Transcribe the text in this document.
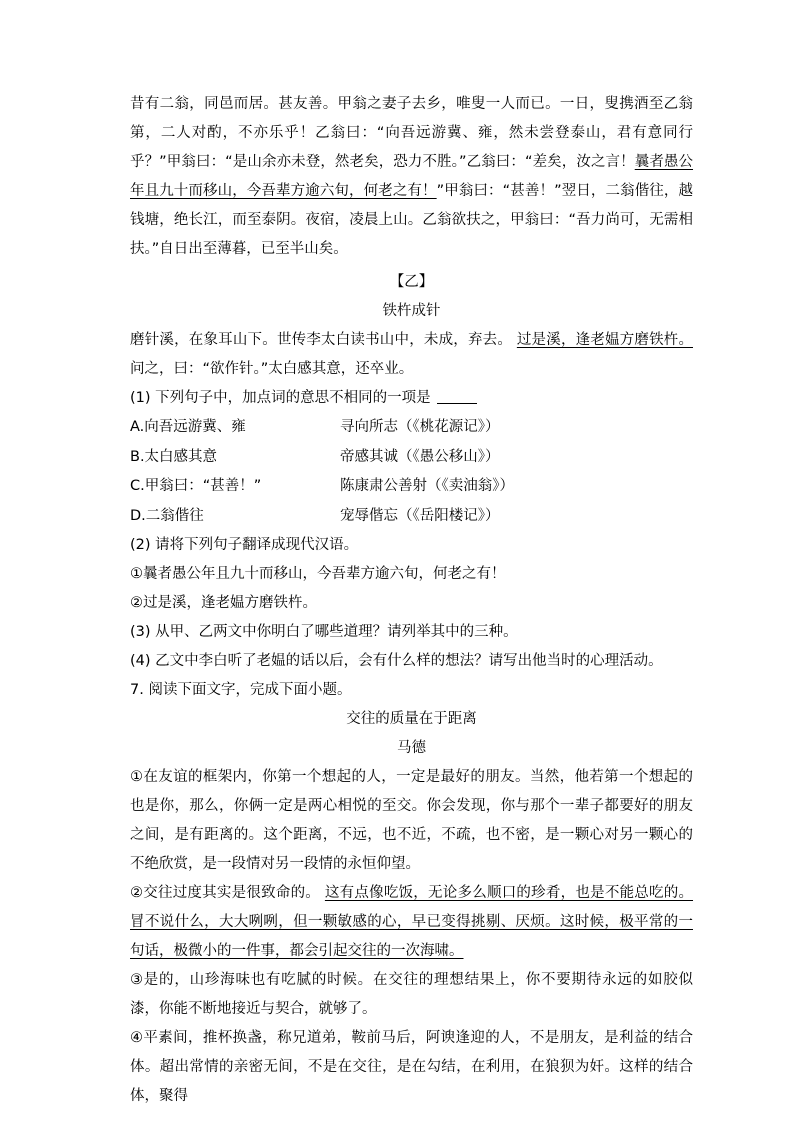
昔有二翁，同邑而居。甚友善。甲翁之妻子去乡，唯叟一人而已。一日，叟携酒至乙翁第，二人对酌，不亦乐乎！乙翁曰：“向吾远游冀、雍，然未尝登泰山，君有意同行乎？”甲翁曰：“是山余亦未登，然老矣，恐力不胜。”乙翁曰：“差矣，汝之言！曩者愚公年且九十而移山，今吾辈方逾六旬，何老之有！”甲翁曰：“甚善！”翌日，二翁偕往，越钱塘，绝长江，而至泰阴。夜宿，凌晨上山。乙翁欲扶之，甲翁曰：“吾力尚可，无需相扶。”自日出至薄暮，已至半山矣。

【乙】

铁杵成针

磨针溪，在象耳山下。世传李太白读书山中，未成，弃去。 过是溪，逢老媪方磨铁杵。问之，曰：“欲作针。”太白感其意，还卒业。

(1) 下列句子中，加点词的意思不相同的一项是

A.向吾远游冀、雍	寻向所志（《桃花源记》）
B.太白感其意	帝感其诚（《愚公移山》）
C.甲翁曰：“甚善！”	陈康肃公善射（《卖油翁》）
D.二翁偕往	宠辱偕忘（《岳阳楼记》）

(2) 请将下列句子翻译成现代汉语。

①曩者愚公年且九十而移山，今吾辈方逾六旬，何老之有！

②过是溪，逢老媪方磨铁杵。

(3) 从甲、乙两文中你明白了哪些道理？请列举其中的三种。

(4) 乙文中李白听了老媪的话以后，会有什么样的想法？请写出他当时的心理活动。

7. 阅读下面文字，完成下面小题。

交往的质量在于距离

马德

①在友谊的框架内，你第一个想起的人，一定是最好的朋友。当然，他若第一个想起的也是你，那么，你俩一定是两心相悦的至交。你会发现，你与那个一辈子都要好的朋友之间，是有距离的。这个距离，不远，也不近，不疏，也不密，是一颗心对另一颗心的不绝欣赏，是一段情对另一段情的永恒仰望。

②交往过度其实是很致命的。 这有点像吃饭，无论多么顺口的珍肴，也是不能总吃的。冒不说什么，大大咧咧，但一颗敏感的心，早已变得挑剔、厌烦。这时候，极平常的一句话，极微小的一件事，都会引起交往的一次海啸。

③是的，山珍海味也有吃腻的时候。在交往的理想结果上，你不要期待永远的如胶似漆，你能不断地接近与契合，就够了。

④平素间，推杯换盏，称兄道弟，鞍前马后，阿谀逢迎的人，不是朋友，是利益的结合体。超出常情的亲密无间，不是在交往，是在勾结，在利用，在狼狈为奸。这样的结合体，聚得
